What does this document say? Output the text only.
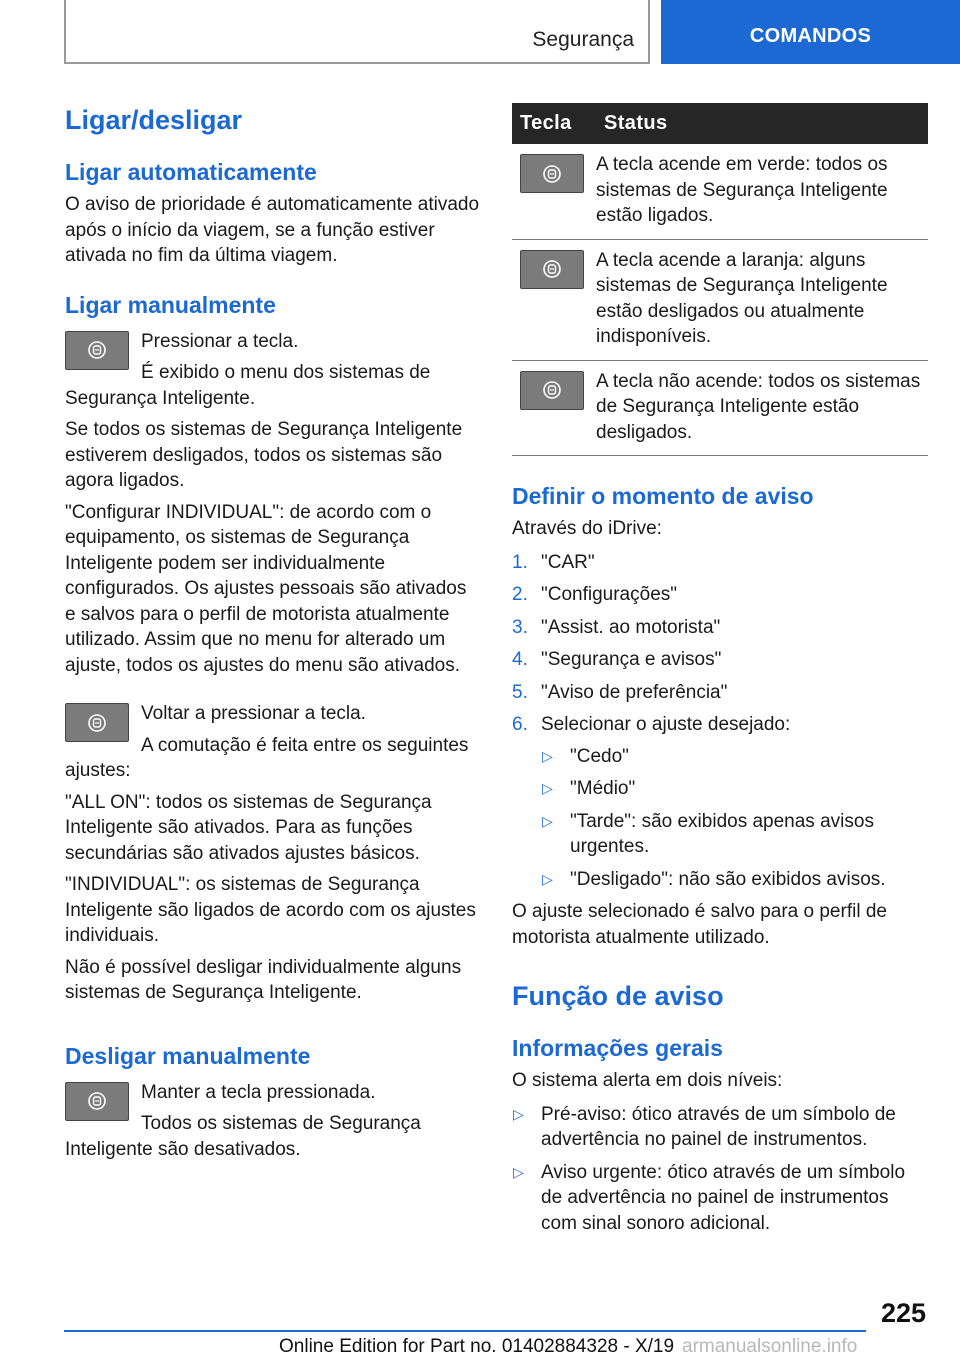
Segurança	COMANDOS
Ligar/desligar
Ligar automaticamente

O aviso de prioridade é automaticamente ativado após o início da viagem, se a função estiver ativada no fim da última viagem.

Ligar manualmente

Pressionar a tecla.

É exibido o menu dos sistemas de Segurança Inteligente.

Se todos os sistemas de Segurança Inteligente estiverem desligados, todos os sistemas são agora ligados.

"Configurar INDIVIDUAL": de acordo com o equipamento, os sistemas de Segurança Inteligente podem ser individualmente configurados. Os ajustes pessoais são ativados e salvos para o perfil de motorista atualmente utilizado. Assim que no menu for alterado um ajuste, todos os ajustes do menu são ativados.

Voltar a pressionar a tecla.

A comutação é feita entre os seguintes ajustes:

"ALL ON": todos os sistemas de Segurança Inteligente são ativados. Para as funções secundárias são ativados ajustes básicos.

"INDIVIDUAL": os sistemas de Segurança Inteligente são ligados de acordo com os ajustes individuais.

Não é possível desligar individualmente alguns sistemas de Segurança Inteligente.

Desligar manualmente

Manter a tecla pressionada.

Todos os sistemas de Segurança Inteligente são desativados.

Tecla	Status

	A tecla acende em verde: todos os sistemas de Segurança Inteligente estão ligados.

	A tecla acende a laranja: alguns sistemas de Segurança Inteligente estão desligados ou atualmente indisponíveis.

	A tecla não acende: todos os sistemas de Segurança Inteligente estão desligados.
Definir o momento de aviso

Através do iDrive:

1. "CAR"
2. "Configurações"
3. "Assist. ao motorista"
4. "Segurança e avisos"
5. "Aviso de preferência"
6. Selecionar o ajuste desejado:
▷ "Cedo"
▷ "Médio"
▷ "Tarde": são exibidos apenas avisos urgentes.
▷ "Desligado": não são exibidos avisos.

O ajuste selecionado é salvo para o perfil de motorista atualmente utilizado.

Função de aviso
Informações gerais

O sistema alerta em dois níveis:

▷ Pré-aviso: ótico através de um símbolo de advertência no painel de instrumentos.
▷ Aviso urgente: ótico através de um símbolo de advertência no painel de instrumentos com sinal sonoro adicional.
225
Online Edition for Part no. 01402884328 - X/19 armanualsonline.info
